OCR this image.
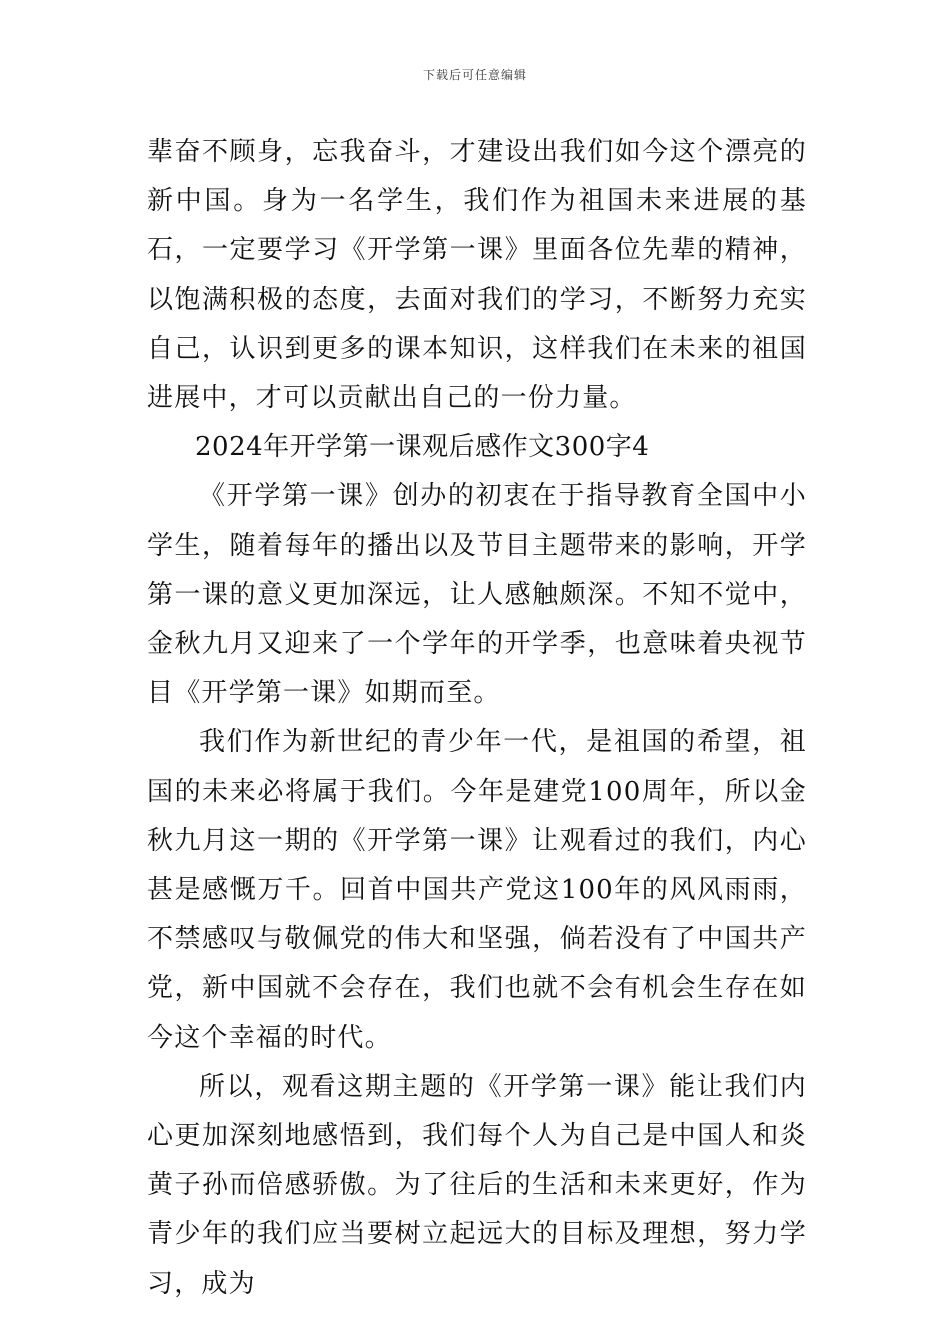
下载后可任意编辑

辈奋不顾身，忘我奋斗，才建设出我们如今这个漂亮的新中国。身为一名学生，我们作为祖国未来进展的基石，一定要学习《开学第一课》里面各位先辈的精神，以饱满积极的态度，去面对我们的学习，不断努力充实自己，认识到更多的课本知识，这样我们在未来的祖国进展中，才可以贡献出自己的一份力量。

2024年开学第一课观后感作文300字4

《开学第一课》创办的初衷在于指导教育全国中小学生，随着每年的播出以及节目主题带来的影响，开学第一课的意义更加深远，让人感触颇深。不知不觉中，金秋九月又迎来了一个学年的开学季，也意味着央视节目《开学第一课》如期而至。

我们作为新世纪的青少年一代，是祖国的希望，祖国的未来必将属于我们。今年是建党100周年，所以金秋九月这一期的《开学第一课》让观看过的我们，内心甚是感慨万千。回首中国共产党这100年的风风雨雨，不禁感叹与敬佩党的伟大和坚强，倘若没有了中国共产党，新中国就不会存在，我们也就不会有机会生存在如今这个幸福的时代。

所以，观看这期主题的《开学第一课》能让我们内心更加深刻地感悟到，我们每个人为自己是中国人和炎黄子孙而倍感骄傲。为了往后的生活和未来更好，作为青少年的我们应当要树立起远大的目标及理想，努力学习，成为
